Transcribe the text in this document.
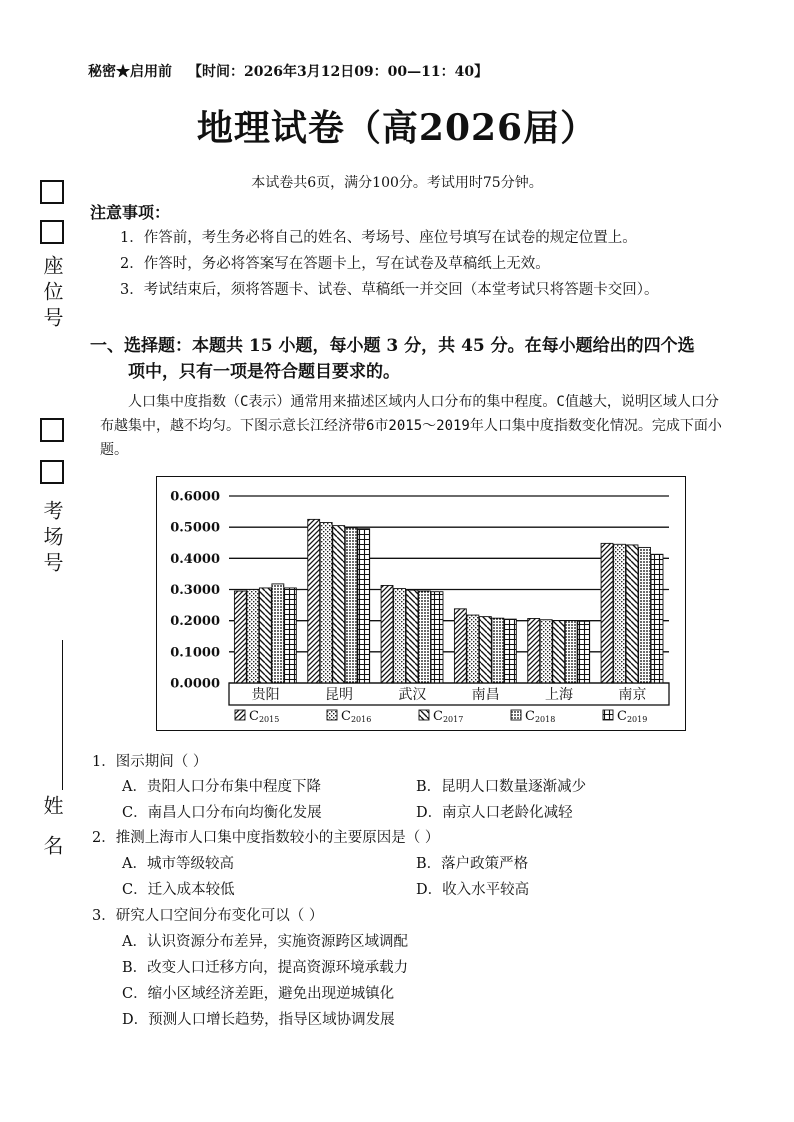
座位号
考场号
姓名
秘密★启用前 【时间：2026年3月12日09：00—11：40】
地理试卷（高2026届）
本试卷共6页，满分100分。考试用时75分钟。
注意事项：
1．作答前，考生务必将自己的姓名、考场号、座位号填写在试卷的规定位置上。
2．作答时，务必将答案写在答题卡上，写在试卷及草稿纸上无效。
3．考试结束后，须将答题卡、试卷、草稿纸一并交回（本堂考试只将答题卡交回）。
一、选择题：本题共 15 小题，每小题 3 分，共 45 分。在每小题给出的四个选
项中，只有一项是符合题目要求的。

人口集中度指数（C表示）通常用来描述区域内人口分布的集中程度。C值越大，说明区域人口分布越集中，越不均匀。下图示意长江经济带6市2015～2019年人口集中度指数变化情况。完成下面小题。

0.0000
0.1000
0.2000
0.3000
0.4000
0.5000
0.6000
贵阳	昆明	武汉	南昌	上海	南京
C2015	C2016	C2017	C2018	C2019
1．图示期间（ ）
A．贵阳人口分布集中程度下降	B．昆明人口数量逐渐减少
C．南昌人口分布向均衡化发展	D．南京人口老龄化减轻
2．推测上海市人口集中度指数较小的主要原因是（ ）
A．城市等级较高	B．落户政策严格
C．迁入成本较低	D．收入水平较高
3．研究人口空间分布变化可以（ ）
A．认识资源分布差异，实施资源跨区域调配
B．改变人口迁移方向，提高资源环境承载力
C．缩小区域经济差距，避免出现逆城镇化
D．预测人口增长趋势，指导区域协调发展
